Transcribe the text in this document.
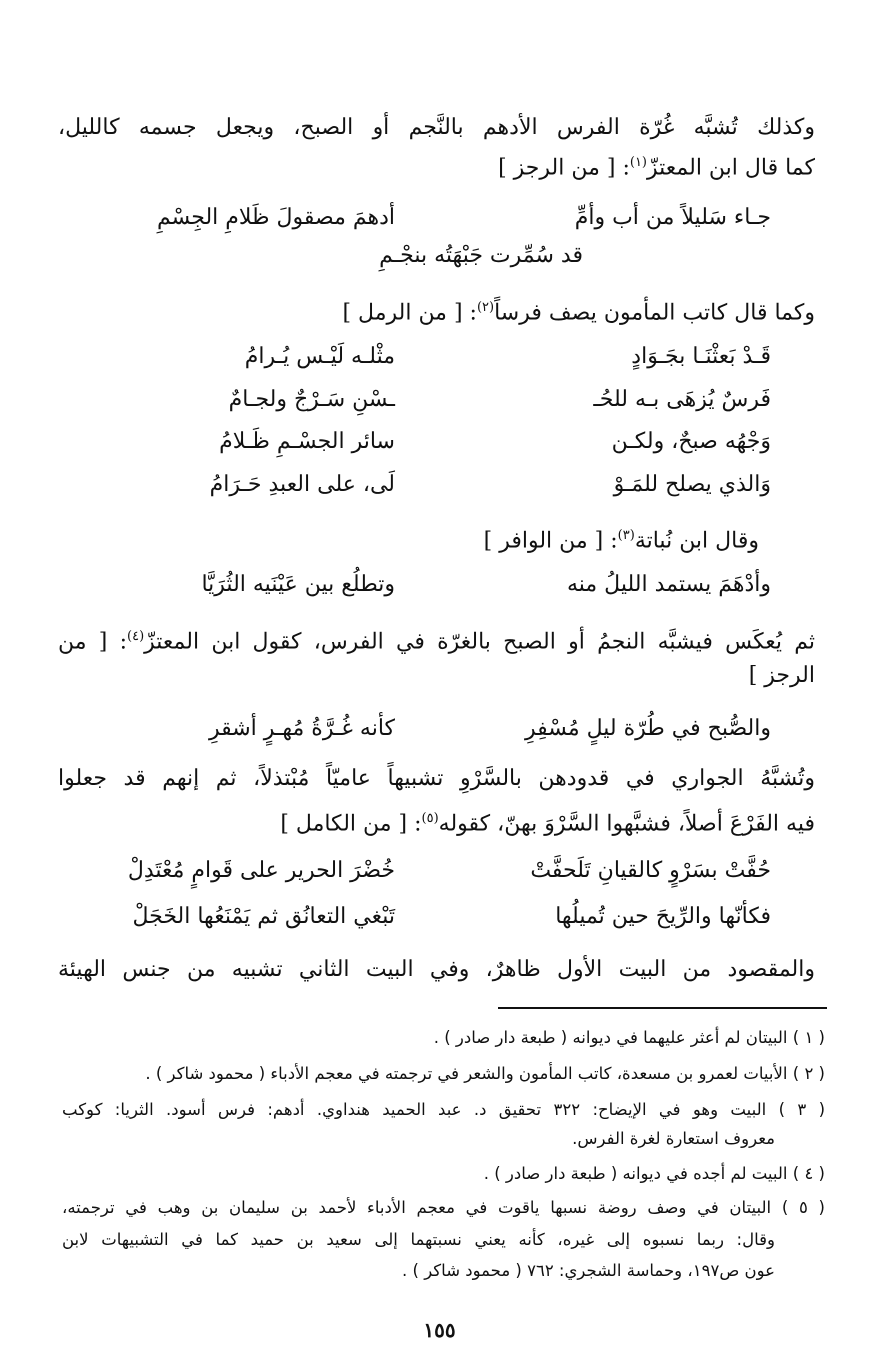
وكذلك تُشبَّه غُرّة الفرس الأدهم بالنَّجم أو الصبح، ويجعل جسمه كالليل،
كما قال ابن المعتزّ$^{(١)}$: [ من الرجز ]
جـاء سَليلاً من أب وأمِّ
أدهمَ مصقولَ ظَلامِ الجِسْمِ
قد سُمِّرت جَبْهَتُه بنجْـمِ
وكما قال كاتب المأمون يصف فرساً$^{(٢)}$: [ من الرمل ]
قَـدْ بَعثْنَـا بجَـوَادٍ
مثْلـه لَيْـس يُـرامُ
فَرسٌ يُزهَى بـه للحُـ
ـسْنِ سَـرْجٌ ولجـامٌ
وَجْهُه صبحٌ، ولكـن
سائر الجسْـمِ ظَـلامُ
وَالذي يصلح للمَـوْ
لَى، على العبدِ حَـرَامُ
وقال ابن نُباتة$^{(٣)}$: [ من الوافر ]
وأدْهَمَ يستمد الليلُ منه
وتطلُع بين عَيْنَيه الثُرَيَّا
ثم يُعكَس فيشبَّه النجمُ أو الصبح بالغرّة في الفرس، كقول ابن المعتزّ$^{(٤)}$: [ من
الرجز ]
والصُّبح في طُرّة ليلٍ مُسْفِرِ
كأنه غُـرَّةُ مُهـرٍ أشقرِ
وتُشبَّهُ الجواري في قدودهن بالسَّرْوِ تشبيهاً عاميّاً مُبْتذلاً، ثم إنهم قد جعلوا
فيه الفَرْعَ أصلاً، فشبَّهوا السَّرْوَ بهنّ، كقوله$^{(٥)}$: [ من الكامل ]
حُفَّتْ بسَرْوٍ كالقيانِ تَلَحفَّتْ
خُضْرَ الحرير على قَوامٍ مُعْتَدِلْ
فكأنّها والرِّيحَ حين تُميلُها
تَبْغي التعانُق ثم يَمْنَعُها الخَجَلْ
والمقصود من البيت الأول ظاهرٌ، وفي البيت الثاني تشبيه من جنس الهيئة
( ١ ) البيتان لم أعثر عليهما في ديوانه ( طبعة دار صادر ) .
( ٢ ) الأبيات لعمرو بن مسعدة، كاتب المأمون والشعر في ترجمته في معجم الأدباء ( محمود شاكر ) .
( ٣ ) البيت وهو في الإيضاح: ٣٢٢ تحقيق د. عبد الحميد هنداوي. أدهم: فرس أسود. الثريا: كوكب
معروف استعارة لغرة الفرس.
( ٤ ) البيت لم أجده في ديوانه ( طبعة دار صادر ) .
( ٥ ) البيتان في وصف روضة نسبها ياقوت في معجم الأدباء لأحمد بن سليمان بن وهب في ترجمته،
وقال: ربما نسبوه إلى غيره، كأنه يعني نسبتهما إلى سعيد بن حميد كما في التشبيهات لابن
عون ص١٩٧، وحماسة الشجري: ٧٦٢ ( محمود شاكر ) .
١٥٥
